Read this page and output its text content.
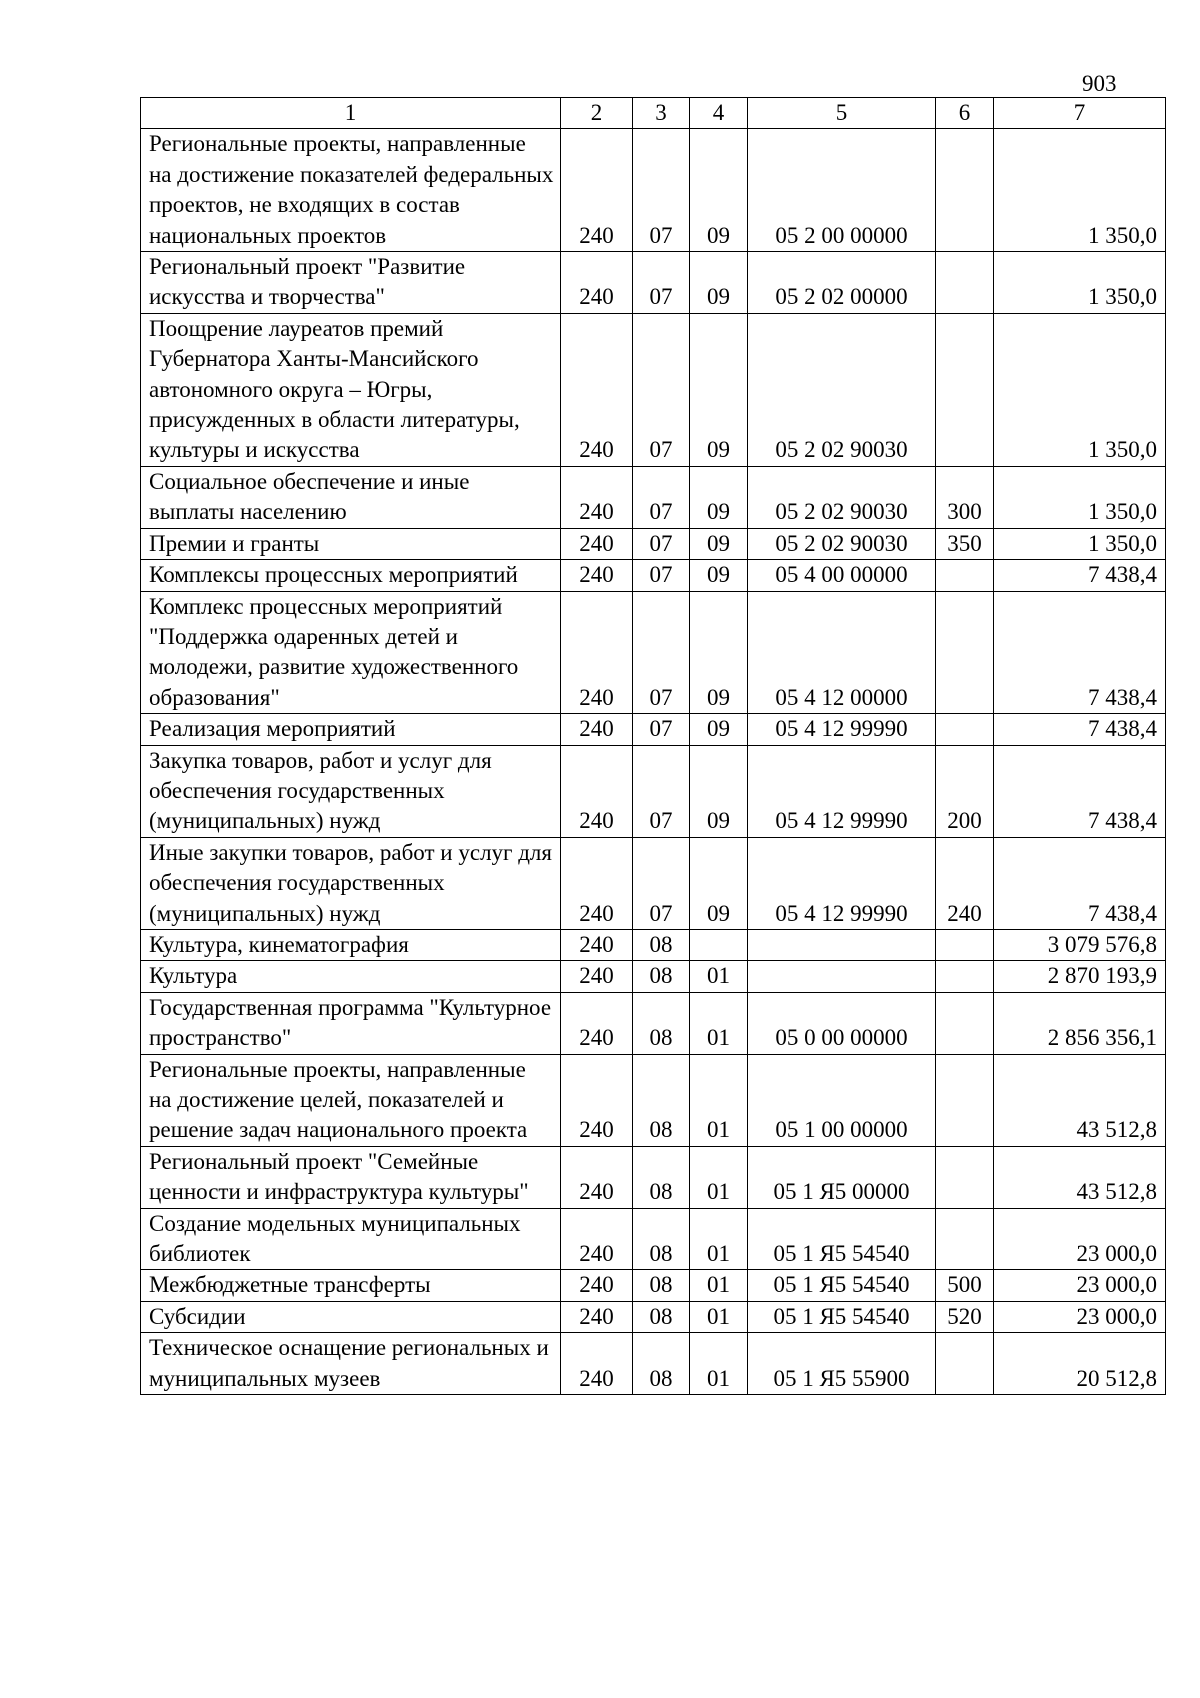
903
1	2	3	4	5	6	7
Региональные проекты, направленные на достижение показателей федеральных проектов, не входящих в состав национальных проектов	240	07	09	05 2 00 00000		1 350,0
Региональный проект "Развитие искусства и творчества"	240	07	09	05 2 02 00000		1 350,0
Поощрение лауреатов премий Губернатора Ханты-Мансийского автономного округа – Югры, присужденных в области литературы, культуры и искусства	240	07	09	05 2 02 90030		1 350,0
Социальное обеспечение и иные выплаты населению	240	07	09	05 2 02 90030	300	1 350,0
Премии и гранты	240	07	09	05 2 02 90030	350	1 350,0
Комплексы процессных мероприятий	240	07	09	05 4 00 00000		7 438,4
Комплекс процессных мероприятий "Поддержка одаренных детей и молодежи, развитие художественного образования"	240	07	09	05 4 12 00000		7 438,4
Реализация мероприятий	240	07	09	05 4 12 99990		7 438,4
Закупка товаров, работ и услуг для обеспечения государственных (муниципальных) нужд	240	07	09	05 4 12 99990	200	7 438,4
Иные закупки товаров, работ и услуг для обеспечения государственных (муниципальных) нужд	240	07	09	05 4 12 99990	240	7 438,4
Культура, кинематография	240	08				3 079 576,8
Культура	240	08	01			2 870 193,9
Государственная программа "Культурное пространство"	240	08	01	05 0 00 00000		2 856 356,1
Региональные проекты, направленные на достижение целей, показателей и решение задач национального проекта	240	08	01	05 1 00 00000		43 512,8
Региональный проект "Семейные ценности и инфраструктура культуры"	240	08	01	05 1 Я5 00000		43 512,8
Создание модельных муниципальных библиотек	240	08	01	05 1 Я5 54540		23 000,0
Межбюджетные трансферты	240	08	01	05 1 Я5 54540	500	23 000,0
Субсидии	240	08	01	05 1 Я5 54540	520	23 000,0
Техническое оснащение региональных и муниципальных музеев	240	08	01	05 1 Я5 55900		20 512,8
